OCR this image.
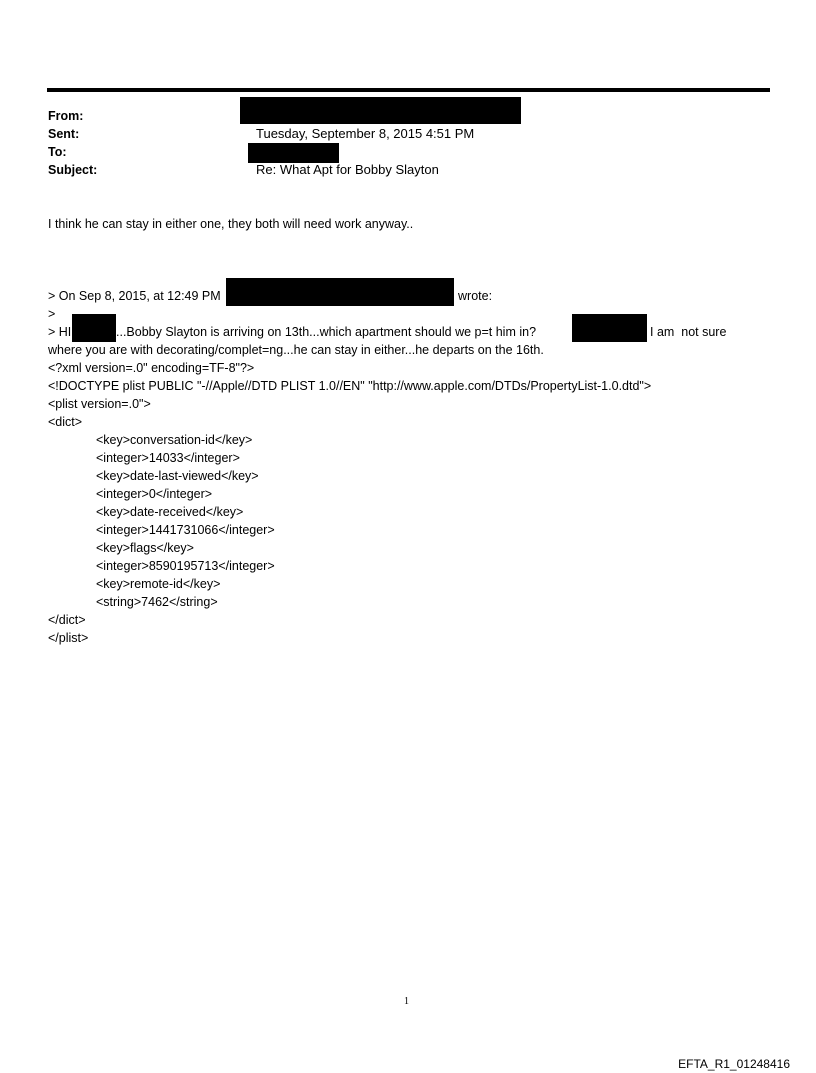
From:
Sent:	Tuesday, September 8, 2015 4:51 PM
To:
Subject:	Re: What Apt for Bobby Slayton
I think he can stay in either one, they both will need work anyway..
> On Sep 8, 2015, at 12:49 PM	wrote:
>
> HI	...Bobby Slayton is arriving on 13th...which apartment should we p=t him in?	I am  not sure
where you are with decorating/complet=ng...he can stay in either...he departs on the 16th.
<?xml version=.0" encoding=TF-8"?>
<!DOCTYPE plist PUBLIC "-//Apple//DTD PLIST 1.0//EN" "http://www.apple.com/DTDs/PropertyList-1.0.dtd">
<plist version=.0">
<dict>
<key>conversation-id</key>
<integer>14033</integer>
<key>date-last-viewed</key>
<integer>0</integer>
<key>date-received</key>
<integer>1441731066</integer>
<key>flags</key>
<integer>8590195713</integer>
<key>remote-id</key>
<string>7462</string>
</dict>
</plist>
1
EFTA_R1_01248416
